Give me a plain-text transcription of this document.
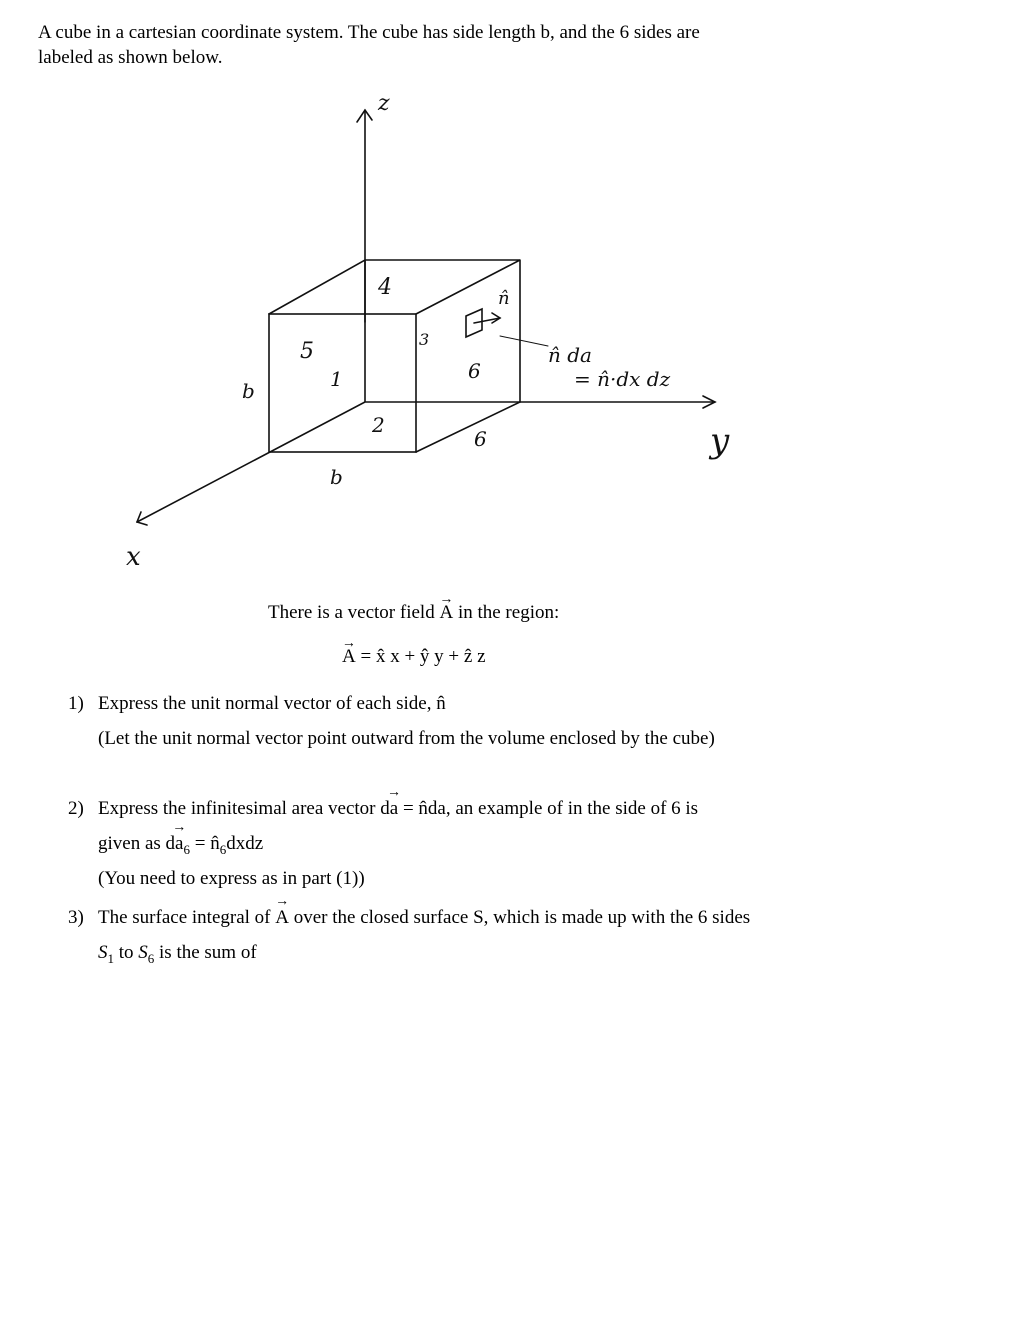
A cube in a cartesian coordinate system. The cube has side length b, and the 6 sides are

labeled as shown below.

z
y
x
1
2
3
4
5
6
6
b
b
n̂
n̂ da
= n̂·dx dz
There is a vector field → A in the region:
→ A = x̂ x + ŷ y + ẑ z
1) Express the unit normal vector of each side, n̂
(Let the unit normal vector point outward from the volume enclosed by the cube)
2) Express the infinitesimal area vector d→ a = n̂da, an example of in the side of 6 is
given as $d\to a_6$ = $n̂_6dxdz$
(You need to express as in part (1))
3) The surface integral of → A over the closed surface S, which is made up with the 6 sides
$S_1$ to $S_6$ is the sum of
